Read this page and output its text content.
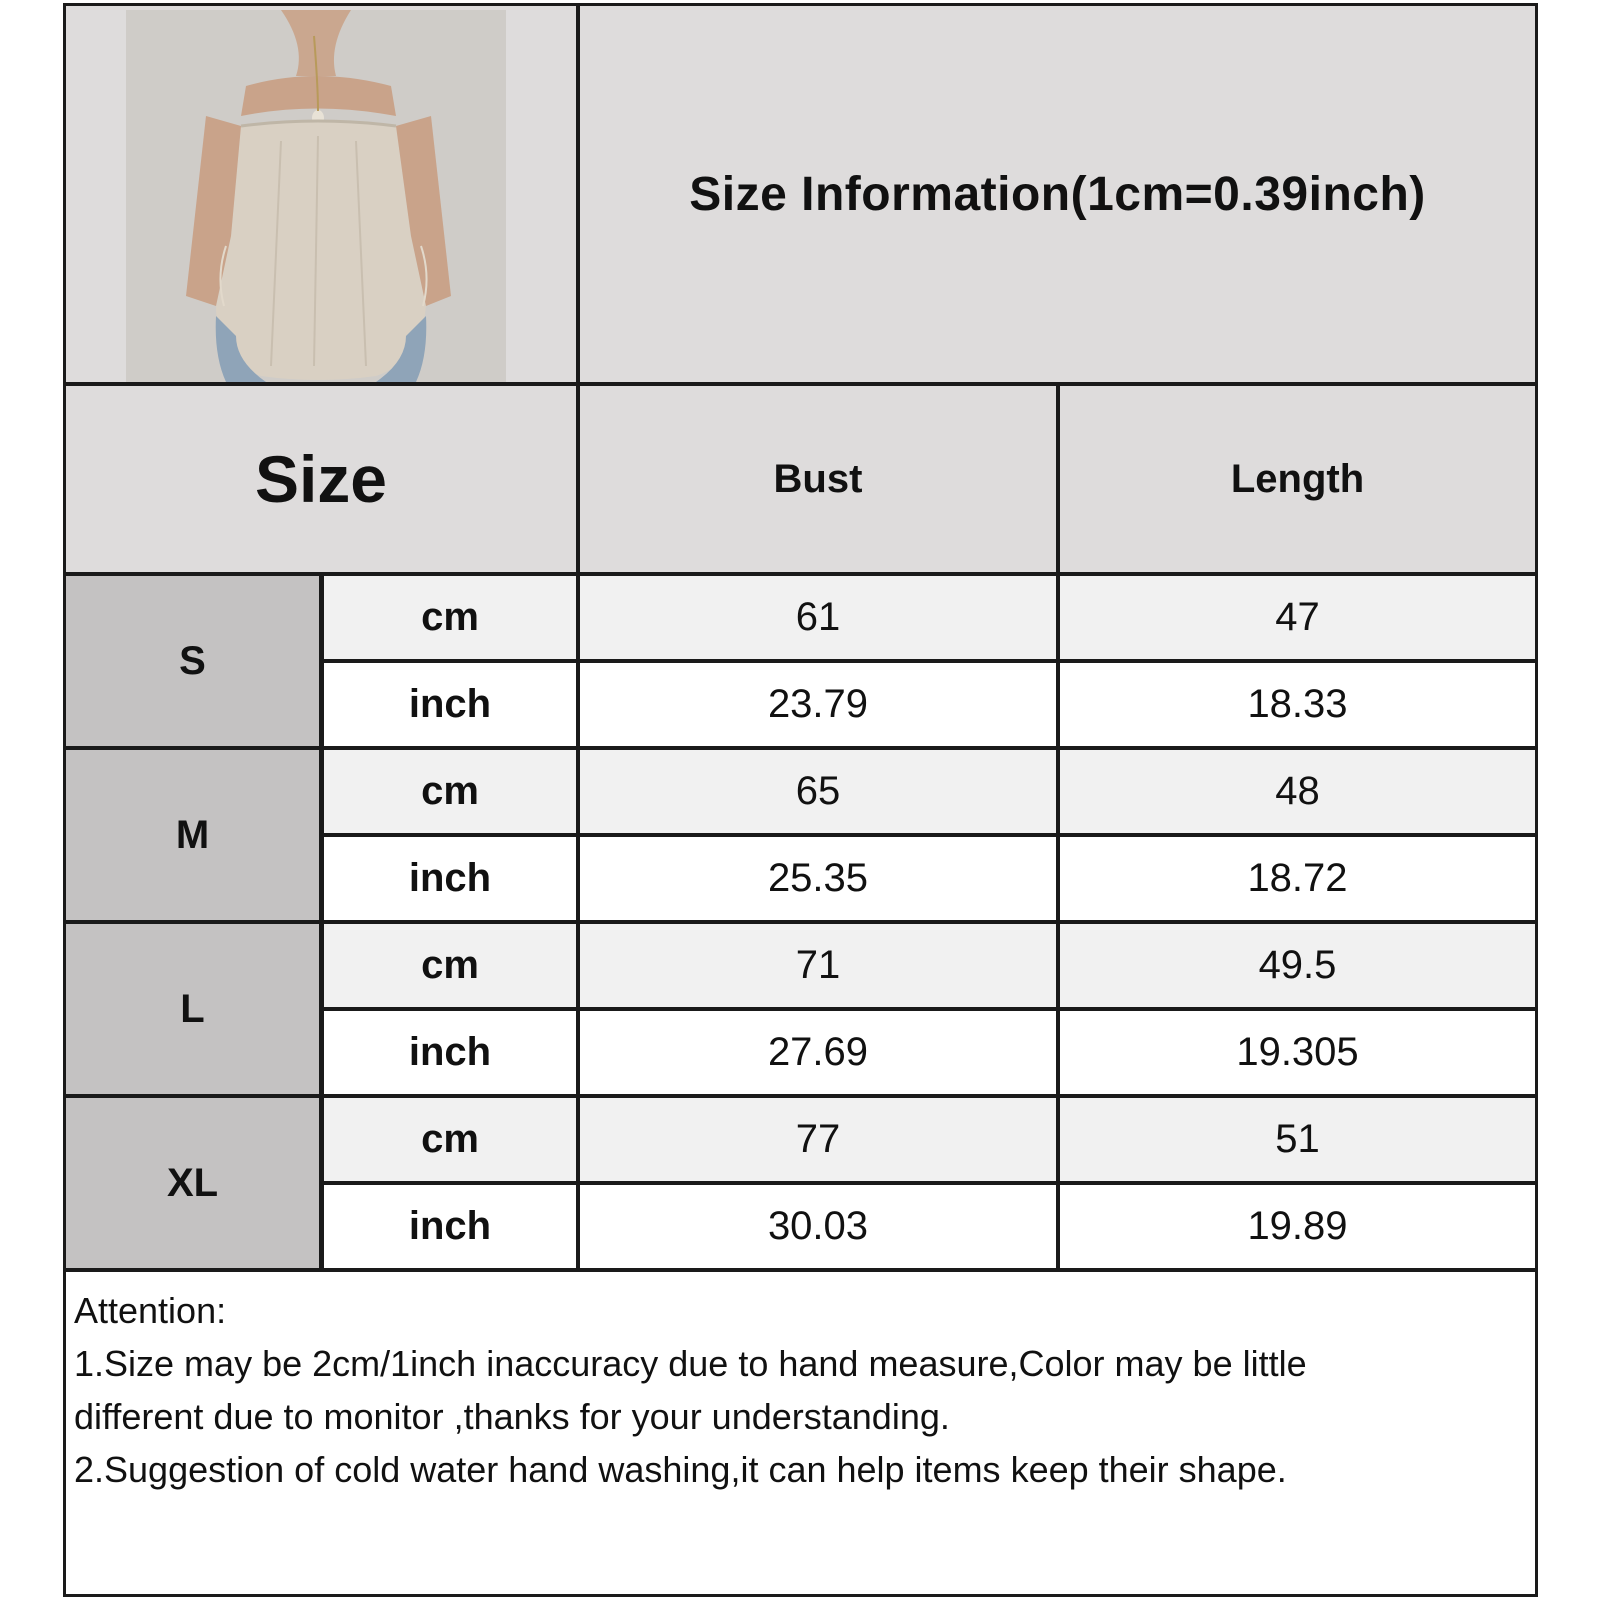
Size Information(1cm=0.39inch)
Size	Bust	Length
S
cm	61	47
inch	23.79	18.33
M
cm	65	48
inch	25.35	18.72
L
cm	71	49.5
inch	27.69	19.305
XL
cm	77	51
inch	30.03	19.89
Attention:
1.Size may be 2cm/1inch inaccuracy due to hand measure,Color may be little
different due to monitor ,thanks for your understanding.
2.Suggestion of cold water hand washing,it can help items keep their shape.
